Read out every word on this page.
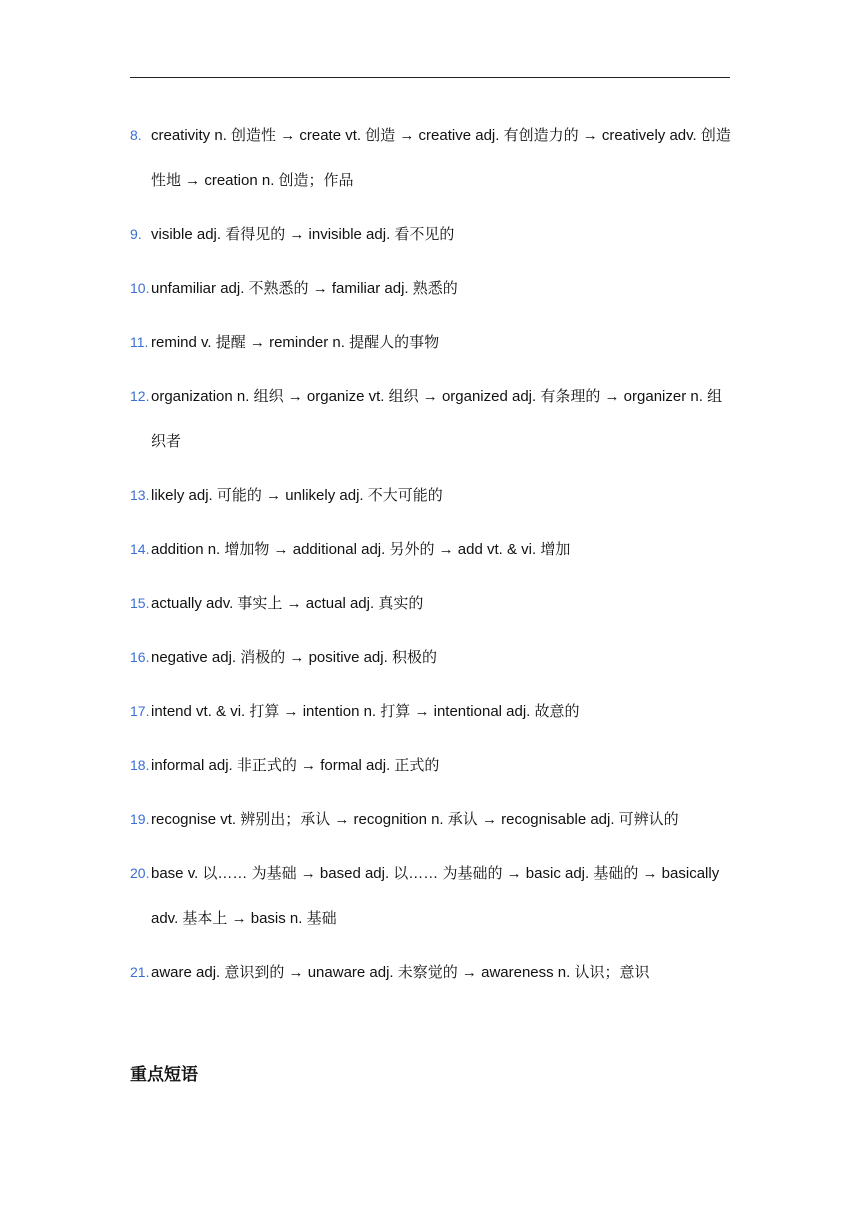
8. creativity n. 创造性 → create vt. 创造 → creative adj. 有创造力的 → creatively adv. 创造性地 → creation n. 创造；作品
9. visible adj. 看得见的 → invisible adj. 看不见的
10. unfamiliar adj. 不熟悉的 → familiar adj. 熟悉的
11. remind v. 提醒 → reminder n. 提醒人的事物
12. organization n. 组织 → organize vt. 组织 → organized adj. 有条理的 → organizer n. 组织者
13. likely adj. 可能的 → unlikely adj. 不大可能的
14. addition n. 增加物 → additional adj. 另外的 → add vt. & vi. 增加
15. actually adv. 事实上 → actual adj. 真实的
16. negative adj. 消极的 → positive adj. 积极的
17. intend vt. & vi. 打算 → intention n. 打算 → intentional adj. 故意的
18. informal adj. 非正式的 → formal adj. 正式的
19. recognise vt. 辨别出；承认 → recognition n. 承认 → recognisable adj. 可辨认的
20. base v. 以…… 为基础 → based adj. 以…… 为基础的 → basic adj. 基础的 → basically adv. 基本上 → basis n. 基础
21. aware adj. 意识到的 → unaware adj. 未察觉的 → awareness n. 认识；意识
重点短语
